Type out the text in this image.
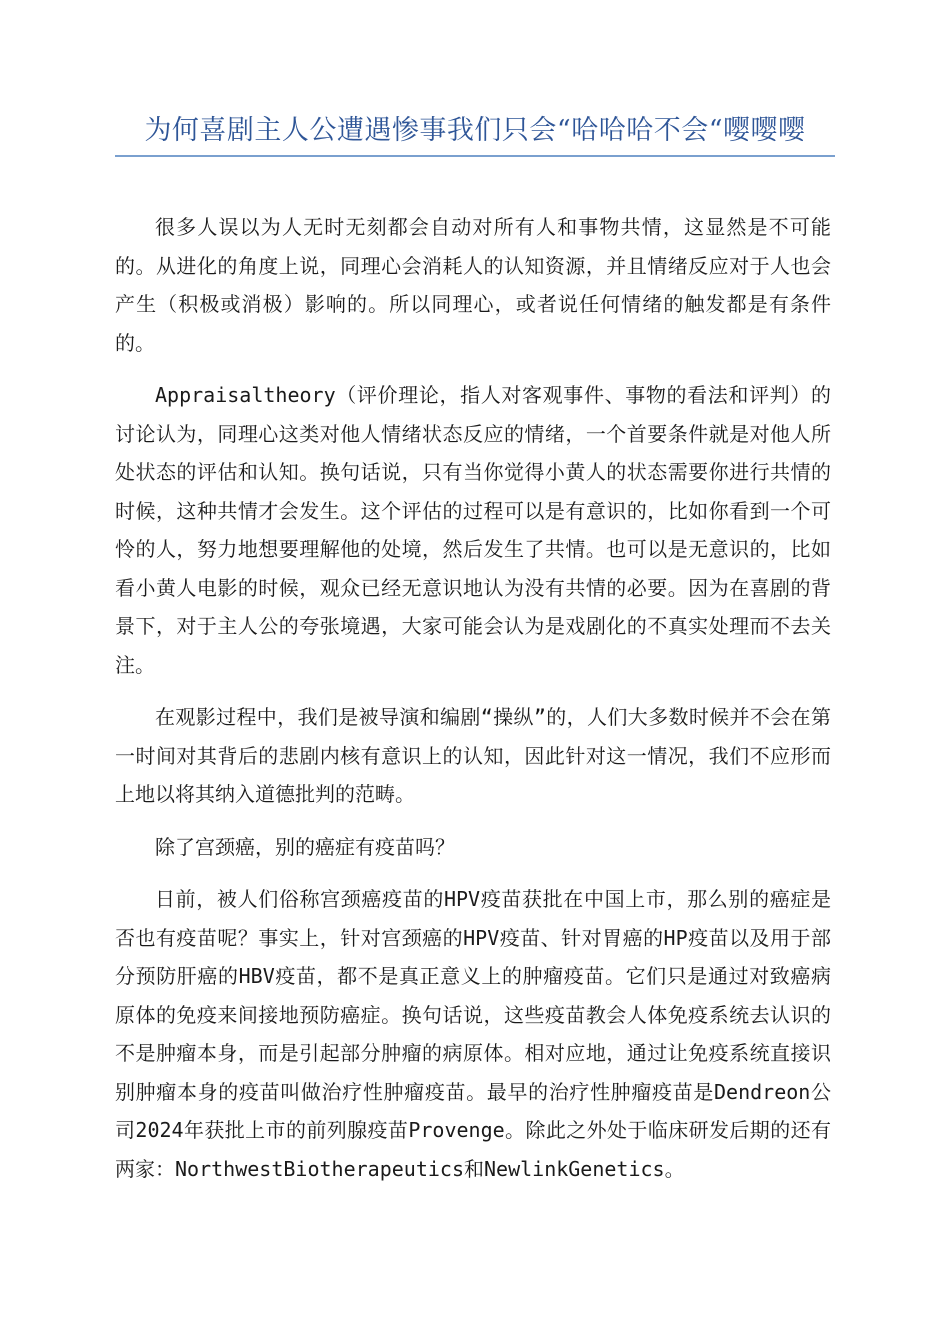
为何喜剧主人公遭遇惨事我们只会“哈哈哈不会“嘤嘤嘤

很多人误以为人无时无刻都会自动对所有人和事物共情，这显然是不可能的。从进化的角度上说，同理心会消耗人的认知资源，并且情绪反应对于人也会产生（积极或消极）影响的。所以同理心，或者说任何情绪的触发都是有条件的。

Appraisaltheory（评价理论，指人对客观事件、事物的看法和评判）的讨论认为，同理心这类对他人情绪状态反应的情绪，一个首要条件就是对他人所处状态的评估和认知。换句话说，只有当你觉得小黄人的状态需要你进行共情的时候，这种共情才会发生。这个评估的过程可以是有意识的，比如你看到一个可怜的人，努力地想要理解他的处境，然后发生了共情。也可以是无意识的，比如看小黄人电影的时候，观众已经无意识地认为没有共情的必要。因为在喜剧的背景下，对于主人公的夸张境遇，大家可能会认为是戏剧化的不真实处理而不去关注。

在观影过程中，我们是被导演和编剧“操纵”的，人们大多数时候并不会在第一时间对其背后的悲剧内核有意识上的认知，因此针对这一情况，我们不应形而上地以将其纳入道德批判的范畴。

除了宫颈癌，别的癌症有疫苗吗？

日前，被人们俗称宫颈癌疫苗的HPV疫苗获批在中国上市，那么别的癌症是否也有疫苗呢？事实上，针对宫颈癌的HPV疫苗、针对胃癌的HP疫苗以及用于部分预防肝癌的HBV疫苗，都不是真正意义上的肿瘤疫苗。它们只是通过对致癌病原体的免疫来间接地预防癌症。换句话说，这些疫苗教会人体免疫系统去认识的不是肿瘤本身，而是引起部分肿瘤的病原体。相对应地，通过让免疫系统直接识别肿瘤本身的疫苗叫做治疗性肿瘤疫苗。最早的治疗性肿瘤疫苗是Dendreon公司2024年获批上市的前列腺疫苗Provenge。除此之外处于临床研发后期的还有两家：NorthwestBiotherapeutics和NewlinkGenetics。
